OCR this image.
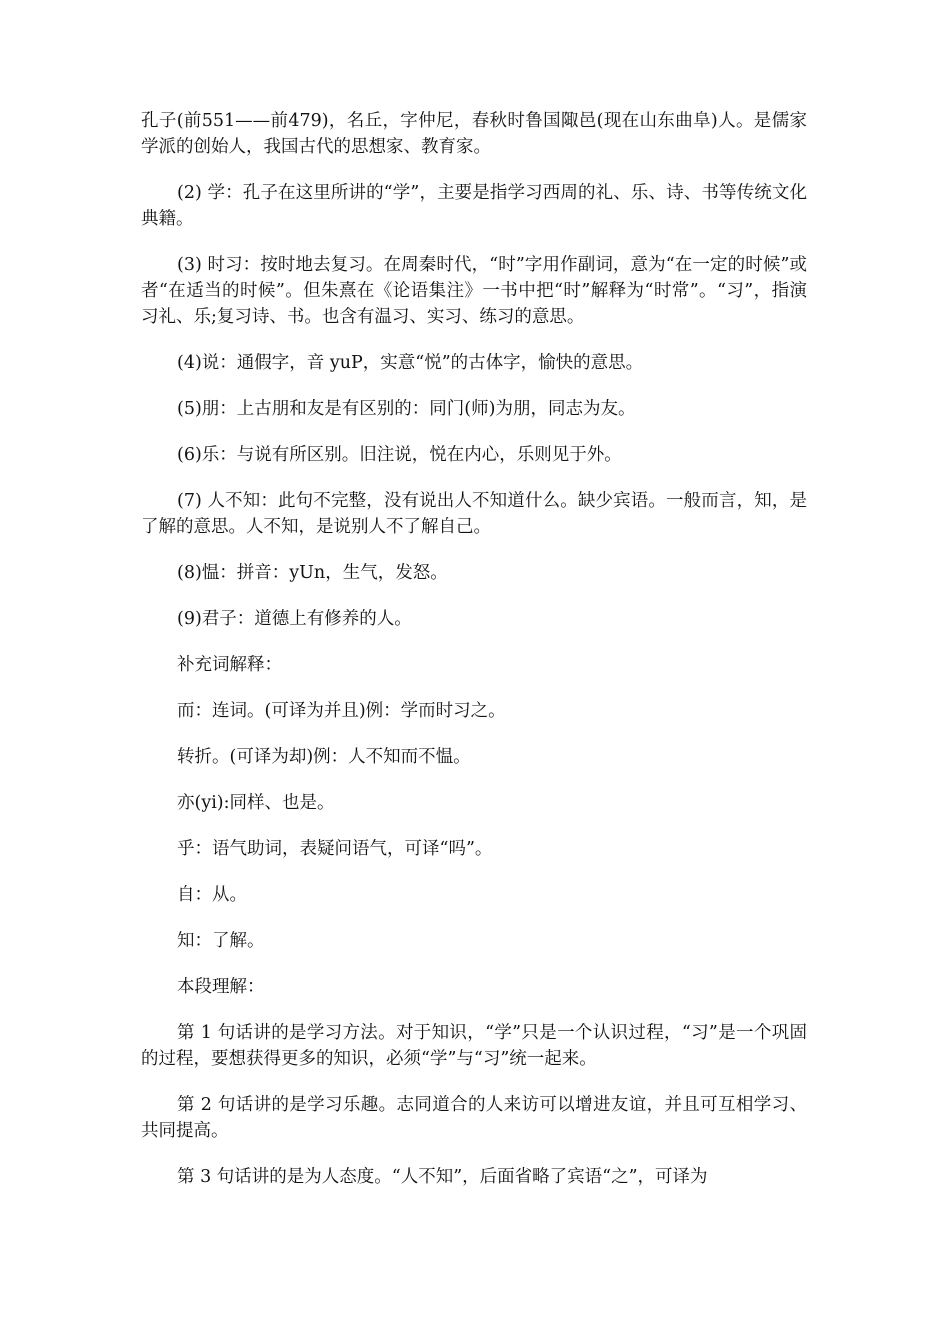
孔子(前551——前479)，名丘，字仲尼，春秋时鲁国陬邑(现在山东曲阜)人。是儒家学派的创始人，我国古代的思想家、教育家。

(2) 学：孔子在这里所讲的“学”，主要是指学习西周的礼、乐、诗、书等传统文化典籍。

(3) 时习：按时地去复习。在周秦时代，“时”字用作副词，意为“在一定的时候”或者“在适当的时候”。但朱熹在《论语集注》一书中把“时”解释为“时常”。“习”，指演习礼、乐;复习诗、书。也含有温习、实习、练习的意思。

(4)说：通假字，音 yuP，实意“悦”的古体字，愉快的意思。

(5)朋：上古朋和友是有区别的：同门(师)为朋，同志为友。

(6)乐：与说有所区别。旧注说，悦在内心，乐则见于外。

(7) 人不知：此句不完整，没有说出人不知道什么。缺少宾语。一般而言，知，是了解的意思。人不知，是说别人不了解自己。

(8)愠：拼音：yUn，生气，发怒。

(9)君子：道德上有修养的人。

补充词解释：

而：连词。(可译为并且)例：学而时习之。

转折。(可译为却)例：人不知而不愠。

亦(yi):同样、也是。

乎：语气助词，表疑问语气，可译“吗”。

自：从。

知：了解。

本段理解：

第 1 句话讲的是学习方法。对于知识，“学”只是一个认识过程，“习”是一个巩固的过程，要想获得更多的知识，必须“学”与“习”统一起来。

第 2 句话讲的是学习乐趣。志同道合的人来访可以增进友谊，并且可互相学习、共同提高。

第 3 句话讲的是为人态度。“人不知”，后面省略了宾语“之”，可译为
